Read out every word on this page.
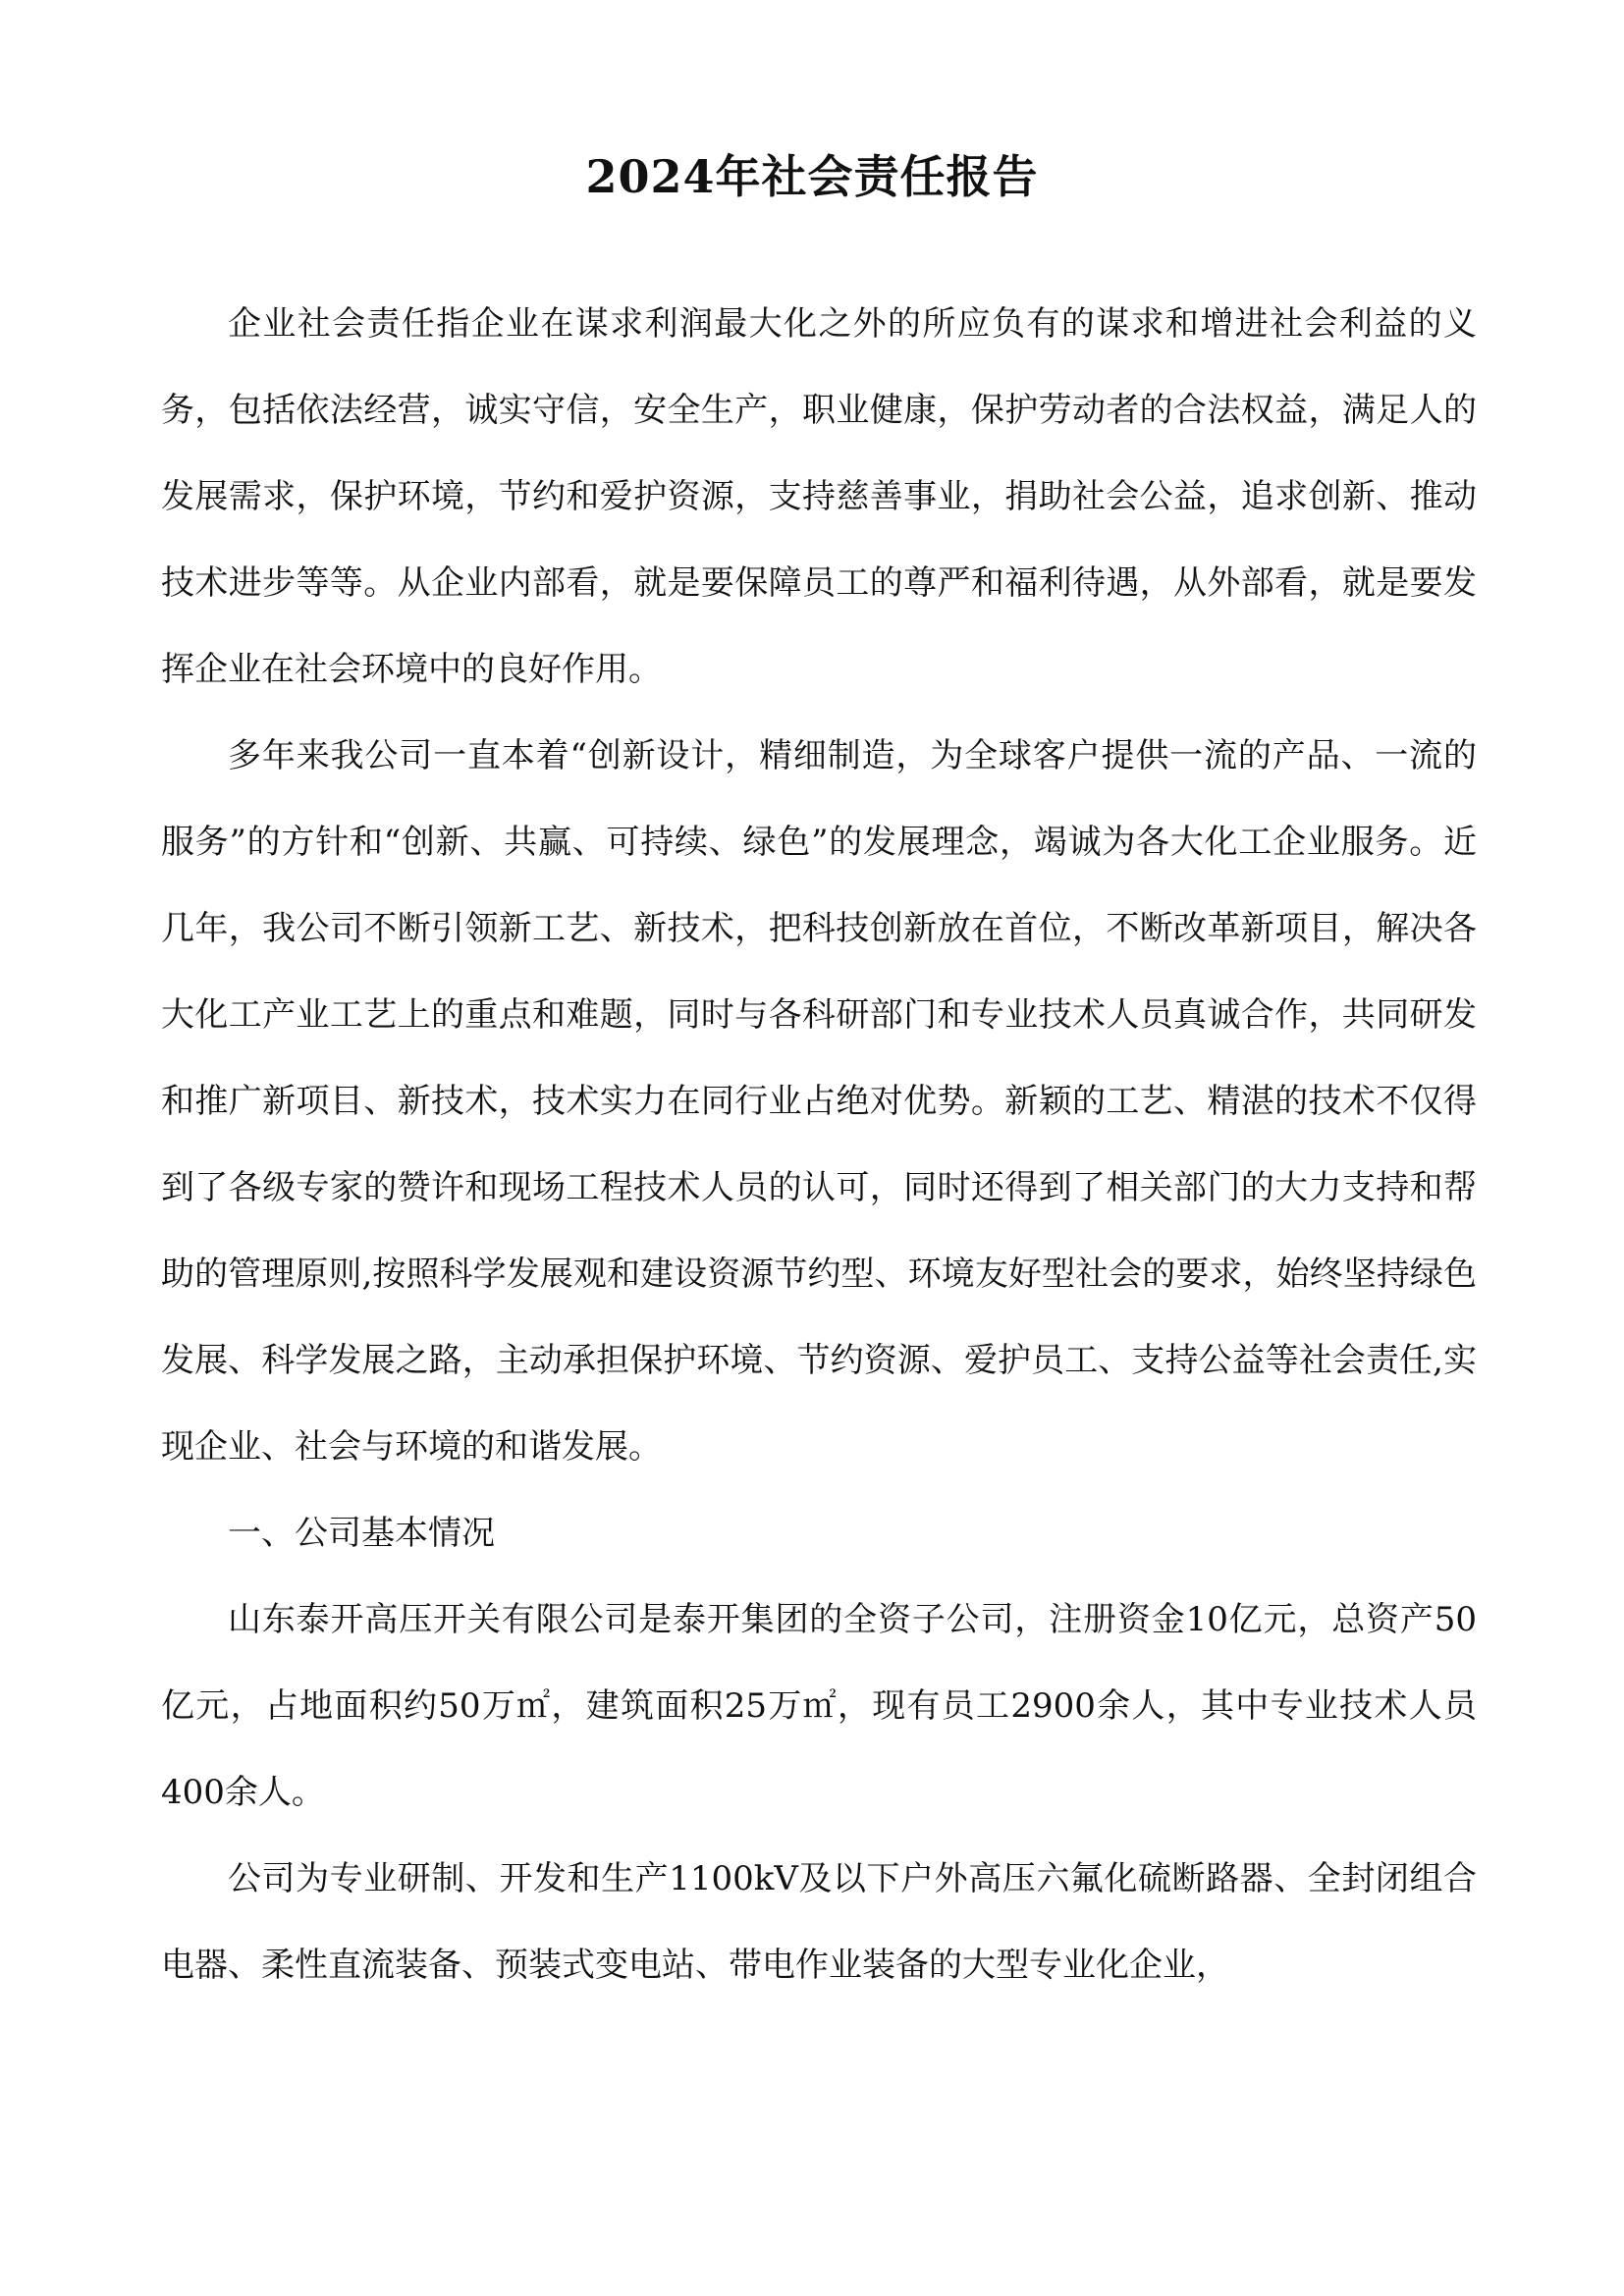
2024年社会责任报告

企业社会责任指企业在谋求利润最大化之外的所应负有的谋求和增进社会利益的义务，包括依法经营，诚实守信，安全生产，职业健康，保护劳动者的合法权益，满足人的发展需求，保护环境，节约和爱护资源，支持慈善事业，捐助社会公益，追求创新、推动技术进步等等。从企业内部看，就是要保障员工的尊严和福利待遇，从外部看，就是要发挥企业在社会环境中的良好作用。

多年来我公司一直本着“创新设计，精细制造，为全球客户提供一流的产品、一流的服务”的方针和“创新、共赢、可持续、绿色”的发展理念，竭诚为各大化工企业服务。近几年，我公司不断引领新工艺、新技术，把科技创新放在首位，不断改革新项目，解决各大化工产业工艺上的重点和难题，同时与各科研部门和专业技术人员真诚合作，共同研发和推广新项目、新技术，技术实力在同行业占绝对优势。新颖的工艺、精湛的技术不仅得到了各级专家的赞许和现场工程技术人员的认可，同时还得到了相关部门的大力支持和帮助的管理原则,按照科学发展观和建设资源节约型、环境友好型社会的要求，始终坚持绿色发展、科学发展之路，主动承担保护环境、节约资源、爱护员工、支持公益等社会责任,实现企业、社会与环境的和谐发展。

一、公司基本情况

山东泰开高压开关有限公司是泰开集团的全资子公司，注册资金10亿元，总资产50亿元，占地面积约50万㎡，建筑面积25万㎡，现有员工2900余人，其中专业技术人员400余人。

公司为专业研制、开发和生产1100kV及以下户外高压六氟化硫断路器、全封闭组合电器、柔性直流装备、预装式变电站、带电作业装备的大型专业化企业，
